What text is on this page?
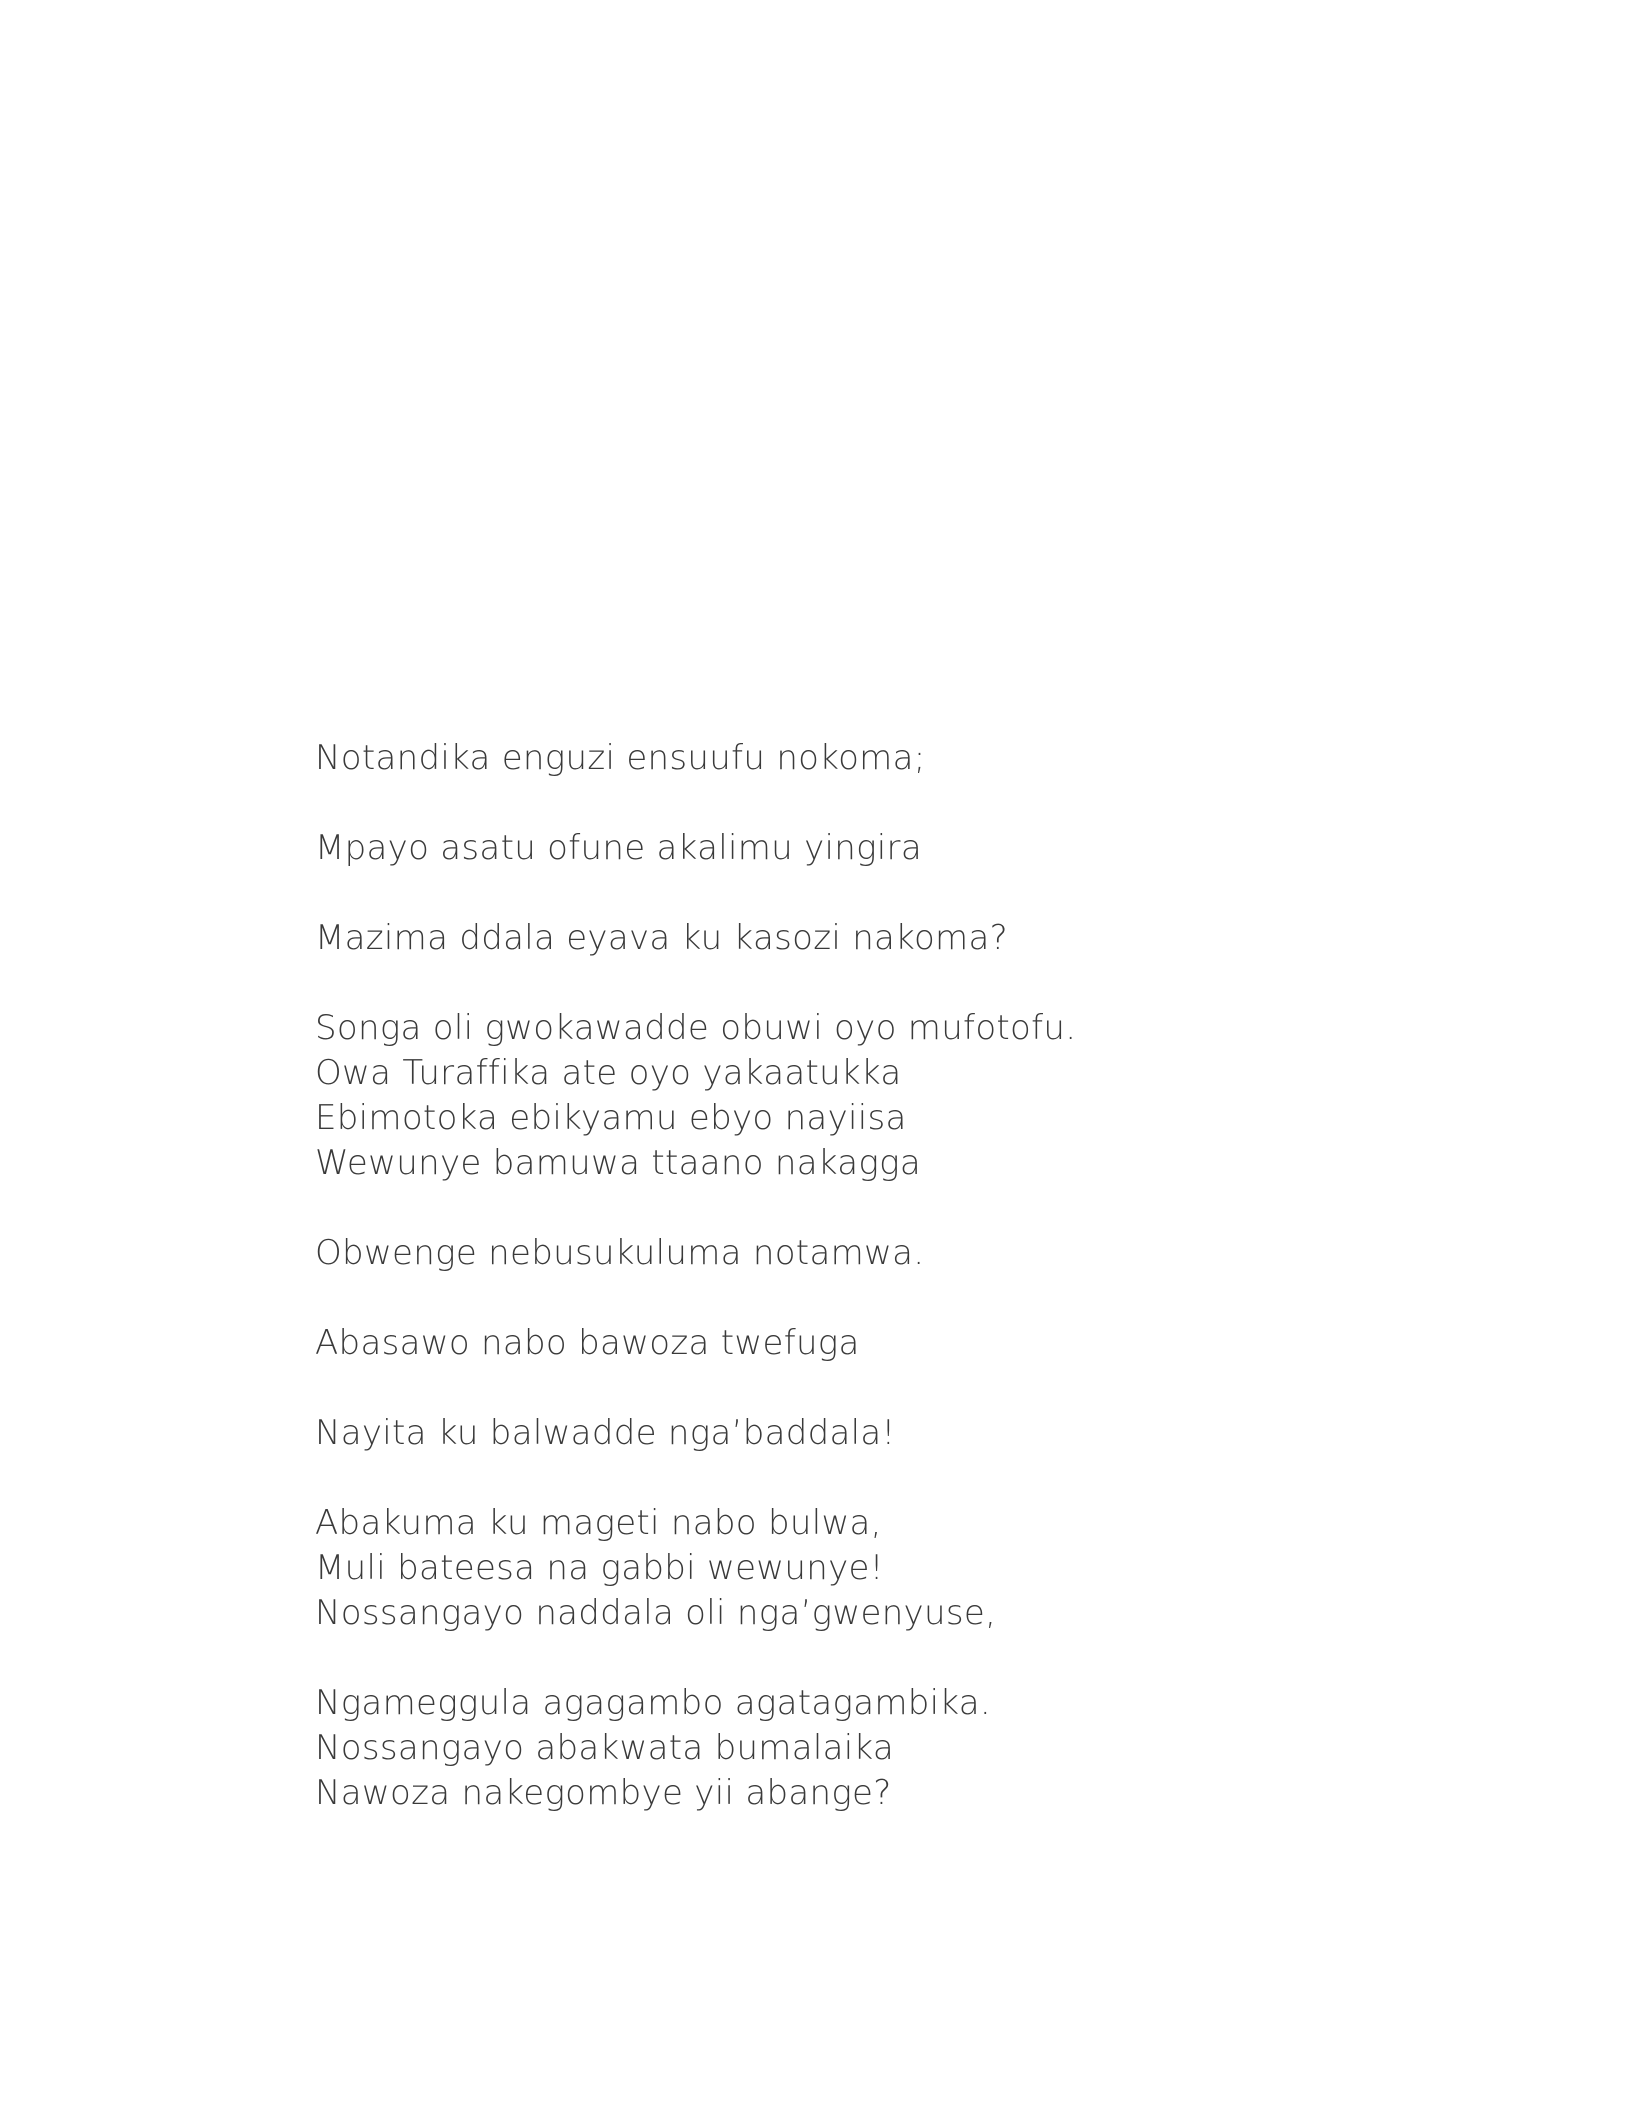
Notandika enguzi ensuufu nokoma;
Mpayo asatu ofune akalimu yingira
Mazima ddala eyava ku kasozi nakoma?
Songa oli gwokawadde obuwi oyo mufotofu.
Owa Turaffika ate oyo yakaatukka
Ebimotoka ebikyamu ebyo nayiisa
Wewunye bamuwa ttaano nakagga
Obwenge nebusukuluma notamwa.
Abasawo nabo bawoza twefuga
Nayita ku balwadde nga’baddala!
Abakuma ku mageti nabo bulwa,
Muli bateesa na gabbi wewunye!
Nossangayo naddala oli nga’gwenyuse,
Ngameggula agagambo agatagambika.
Nossangayo abakwata bumalaika
Nawoza nakegombye yii abange?
